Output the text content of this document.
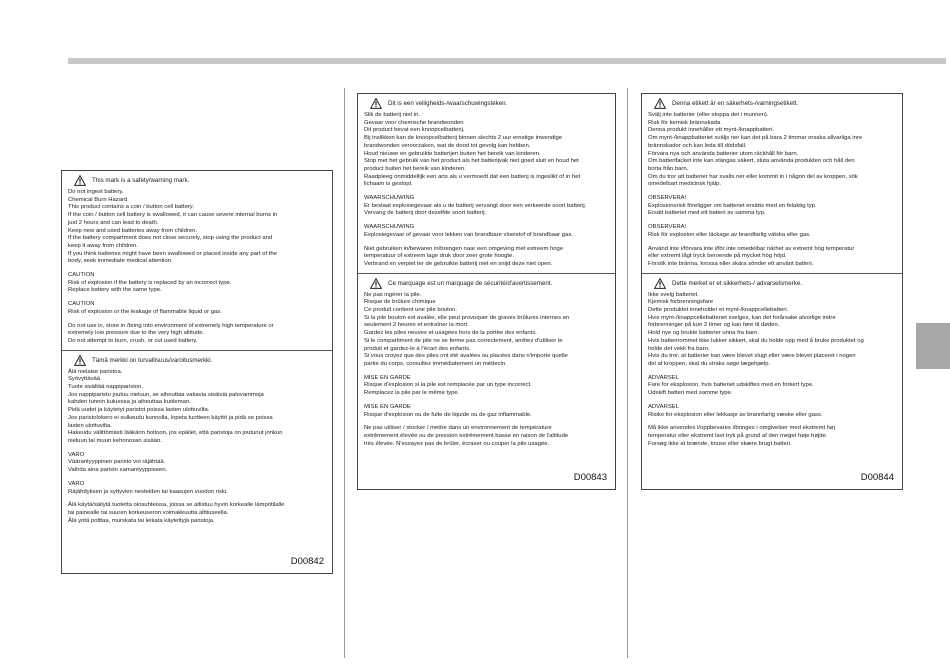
This mark is a safety/warning mark.
Do not ingest battery.
Chemical Burn Hazard
This product contains a coin / button cell battery.
If the coin / button cell battery is swallowed, it can cause severe internal burns in
just 2 hours and can lead to death.
Keep new and used batteries away from children.
If the battery compartment does not close securely, stop using the product and
keep it away from children.
If you think batteries might have been swallowed or placed inside any part of the
body, seek immediate medical attention.
CAUTION
Risk of explosion if the battery is replaced by an incorrect type.
Replace battery with the same type.
CAUTION
Risk of explosion or the leakage of flammable liquid or gas.
Do not use in, store in /bring into environment of extremely high temperature or
extremely low pressure due to the very high altitude.
Do not attempt to burn, crush, or cut used battery.
Tämä merkki on turvallisuus/varoitusmerkki.
Älä nielaise paristoa.
Syövyttävää
Tuote sisältää nappipariston.
Jos nappiparisto joutuu nieluun, se aiheuttaa vakavia sisäisiä palovammoja
kahden tunnin kuluessa ja aiheuttaa kuoleman.
Pidä uudet ja käytetyt paristot poissa lasten ulottuvilta.
Jos paristolokero ei sulkeudu kunnolla, lopeta tuotteen käyttö ja pidä se poissa
lasten ulottuvilta.
Hakeudu välittömästi lääkärin hoitoon, jos epäilet, että paristoja on joutunut jonkun
nieluun tai muun kehonosan sisään.
VARO
Väärantyyppinen paristo voi räjähtää.
Vaihda aina paristo samantyyppiseen.
VARO
Räjähdyksen ja syttyvien nesteiden tai kaasujen vuodon riski.
Älä käytä/säilytä tuotetta olosuhteissa, joissa se altistuu hyvin korkealle lämpötilalle
tai painealle tai suuren korkeuseron voimakkuutta alttiuseella.
Älä yritä polttaa, murskata tai leikata käytettyjä paristoja.
D00842
Dit is een veiligheids-/waarschuwingsteken.
Slik de batterij niet in.
Gevaar voor chemische brandwonden
Dit product bevat een knoopcelbatterij.
Bij inslikken kan de knoopcelbatterij binnen slechts 2 uur ernstige inwendige
brandwonden veroorzaken, wat de dood tot gevolg kan hebben.
Houd nieuwe en gebruikte batterijen buiten het bereik van kinderen.
Stop met het gebruik van het product als het batterijvak niet goed sluit en houd het
product buiten het bereik van kinderen.
Raadpleeg onmiddellijk een arts als u vermoedt dat een batterij is ingeslikt of in het
lichaam is gestopt.
WAARSCHUWING
Er bestaat explosiegevaar als u de batterij vervangt door een verkeerde soort batterij.
Vervang de batterij door dezelfde soort batterij.
WAARSCHUWING
Explosiegevaar of gevaar voor lekken van brandbare vloeistof of brandbaar gas.
Niet gebruiken in/bewaren in/brengen naar een omgeving met extreem hoge
temperatuur of extreem lage druk door zeer grote hoogte.
Verbrand en verplet ter de gebruikte batterij niet en snijd deze niet open.
Ce marquage est un marquage de sécurité/d'avertissement.
Ne pas ingérer la pile.
Risque de brûlure chimique
Ce produit contient une pile bouton.
Si la pile bouton est avalée, elle peut provoquer de graves brûlures internes en
seulement 2 heures et entraîner la mort.
Gardez les piles neuves et usagées hors de la portée des enfants.
Si le compartiment de pile ne se ferme pas correctement, arrêtez d'utiliser le
produit et gardez-le à l'écart des enfants.
Si vous croyez que des piles ont été avalées ou placées dans n'importe quelle
partie du corps, consultez immédiatement un médecin.
MISE EN GARDE
Risque d'explosion si la pile est remplacée par un type incorrect.
Remplacez la pile par le même type.
MISE EN GARDE
Risque d'explosion ou de fuite de liquide ou de gaz inflammable.
Ne pas utiliser / stocker / mettre dans un environnement de température
extrêmement élevée ou de pression extrêmement basse en raison de l'altitude
très élevée. N'essayez pas de brûler, écraser ou couper la pile usagée.
D00843
Denna etikett är en säkerhets-/varningsetikett.
Svälj inte batterier (eller stoppa det i munnen).
Risk för kemisk brännskada
Denna produkt innehåller ett mynt-/knappbatteri.
Om mynt-/knappbatteriet sväljs ner kan det på bara 2 timmar orsaka allvarliga inre
brännskador och kan leda till dödsfall.
Förvara nya och använda batterier utom räckhåll för barn.
Om batterifacket inte kan stängas säkert, sluta använda produkten och håll den
borta från barn.
Om du tror att batterier har svalts ner eller kommit in i någon del av kroppen, sök
omedelbart medicinsk hjälp.
OBSERVERA!
Explosionsrisk föreligger om batteriet ersätts med en felaktig typ.
Ersätt batteriet med ett batteri av samma typ.
OBSERVERA!
Risk för explosion eller läckage av brandfarlig vätska eller gas.
Använd inte i/förvara inte i/för inte omedelbar närhet av extremt hög temperatur
eller extremt lågt tryck beroende på mycket hög höjd.
Försök inte bränna, krossa eller skära sönder ett använt batteri.
Dette merket er et sikkerhets-/ advarselsmerke.
Ikke svelg batteriet.
Kjemisk forbrenningsfare
Dette produktet inneholder et mynt-/knappcellebatteri.
Hvis mynt-/knappcellebatteriet svelges, kan det forårsake alvorlige indre
forbrenninger på kun 2 timer og kan føre til døden.
Hold nye og brukte batterier unna fra barn.
Hvis batterirommet ikke lukker sikkert, skal du holde opp med å bruke produktet og
holde det vekk fra barn.
Hvis du tror, at batterier kan være blevet slugt eller være blevet placeret i nogen
del af kroppen, skal du straks søge lægehjælp.
ADVARSEL
Fare for eksplosion, hvis batteriet udskiftes med en forkert type.
Udskift batteri med samme type.
ADVARSEL
Risiko for eksplosion eller lekkasje av brannfarlig væske eller gass.
Må ikke anvendes i/oppbevares i/bringes i omgivelser med ekstremt høj
temperatur eller ekstremt lavt tryk på grund af den meget høje højde.
Forsøg ikke at brænde, knuse eller skære brugt batteri.
D00844
